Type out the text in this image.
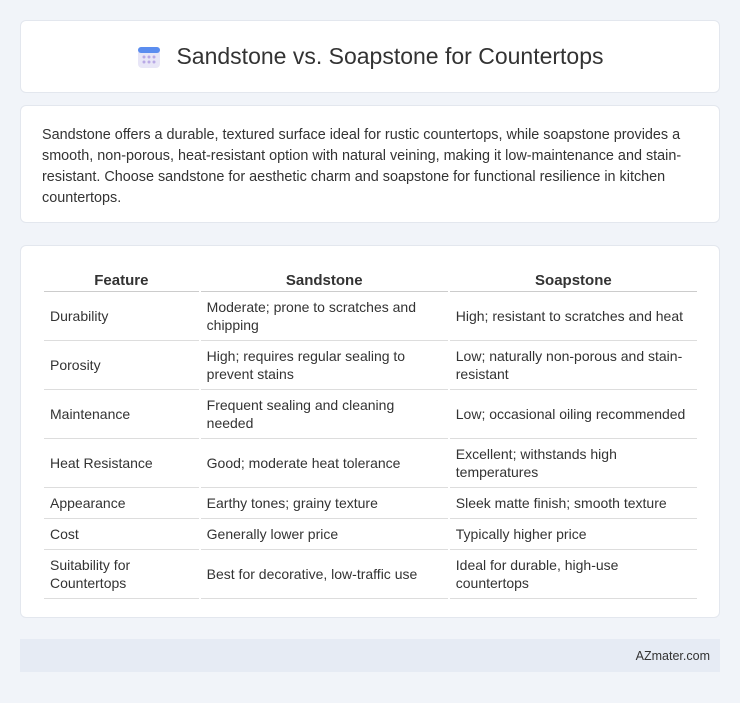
Sandstone vs. Soapstone for Countertops

Sandstone offers a durable, textured surface ideal for rustic countertops, while soapstone provides a smooth, non-porous, heat-resistant option with natural veining, making it low-maintenance and stain-resistant. Choose sandstone for aesthetic charm and soapstone for functional resilience in kitchen countertops.

Feature	Sandstone	Soapstone
Durability	Moderate; prone to scratches and chipping	High; resistant to scratches and heat
Porosity	High; requires regular sealing to prevent stains	Low; naturally non-porous and stain-resistant
Maintenance	Frequent sealing and cleaning needed	Low; occasional oiling recommended
Heat Resistance	Good; moderate heat tolerance	Excellent; withstands high temperatures
Appearance	Earthy tones; grainy texture	Sleek matte finish; smooth texture
Cost	Generally lower price	Typically higher price
Suitability for Countertops	Best for decorative, low-traffic use	Ideal for durable, high-use countertops
AZmater.com
